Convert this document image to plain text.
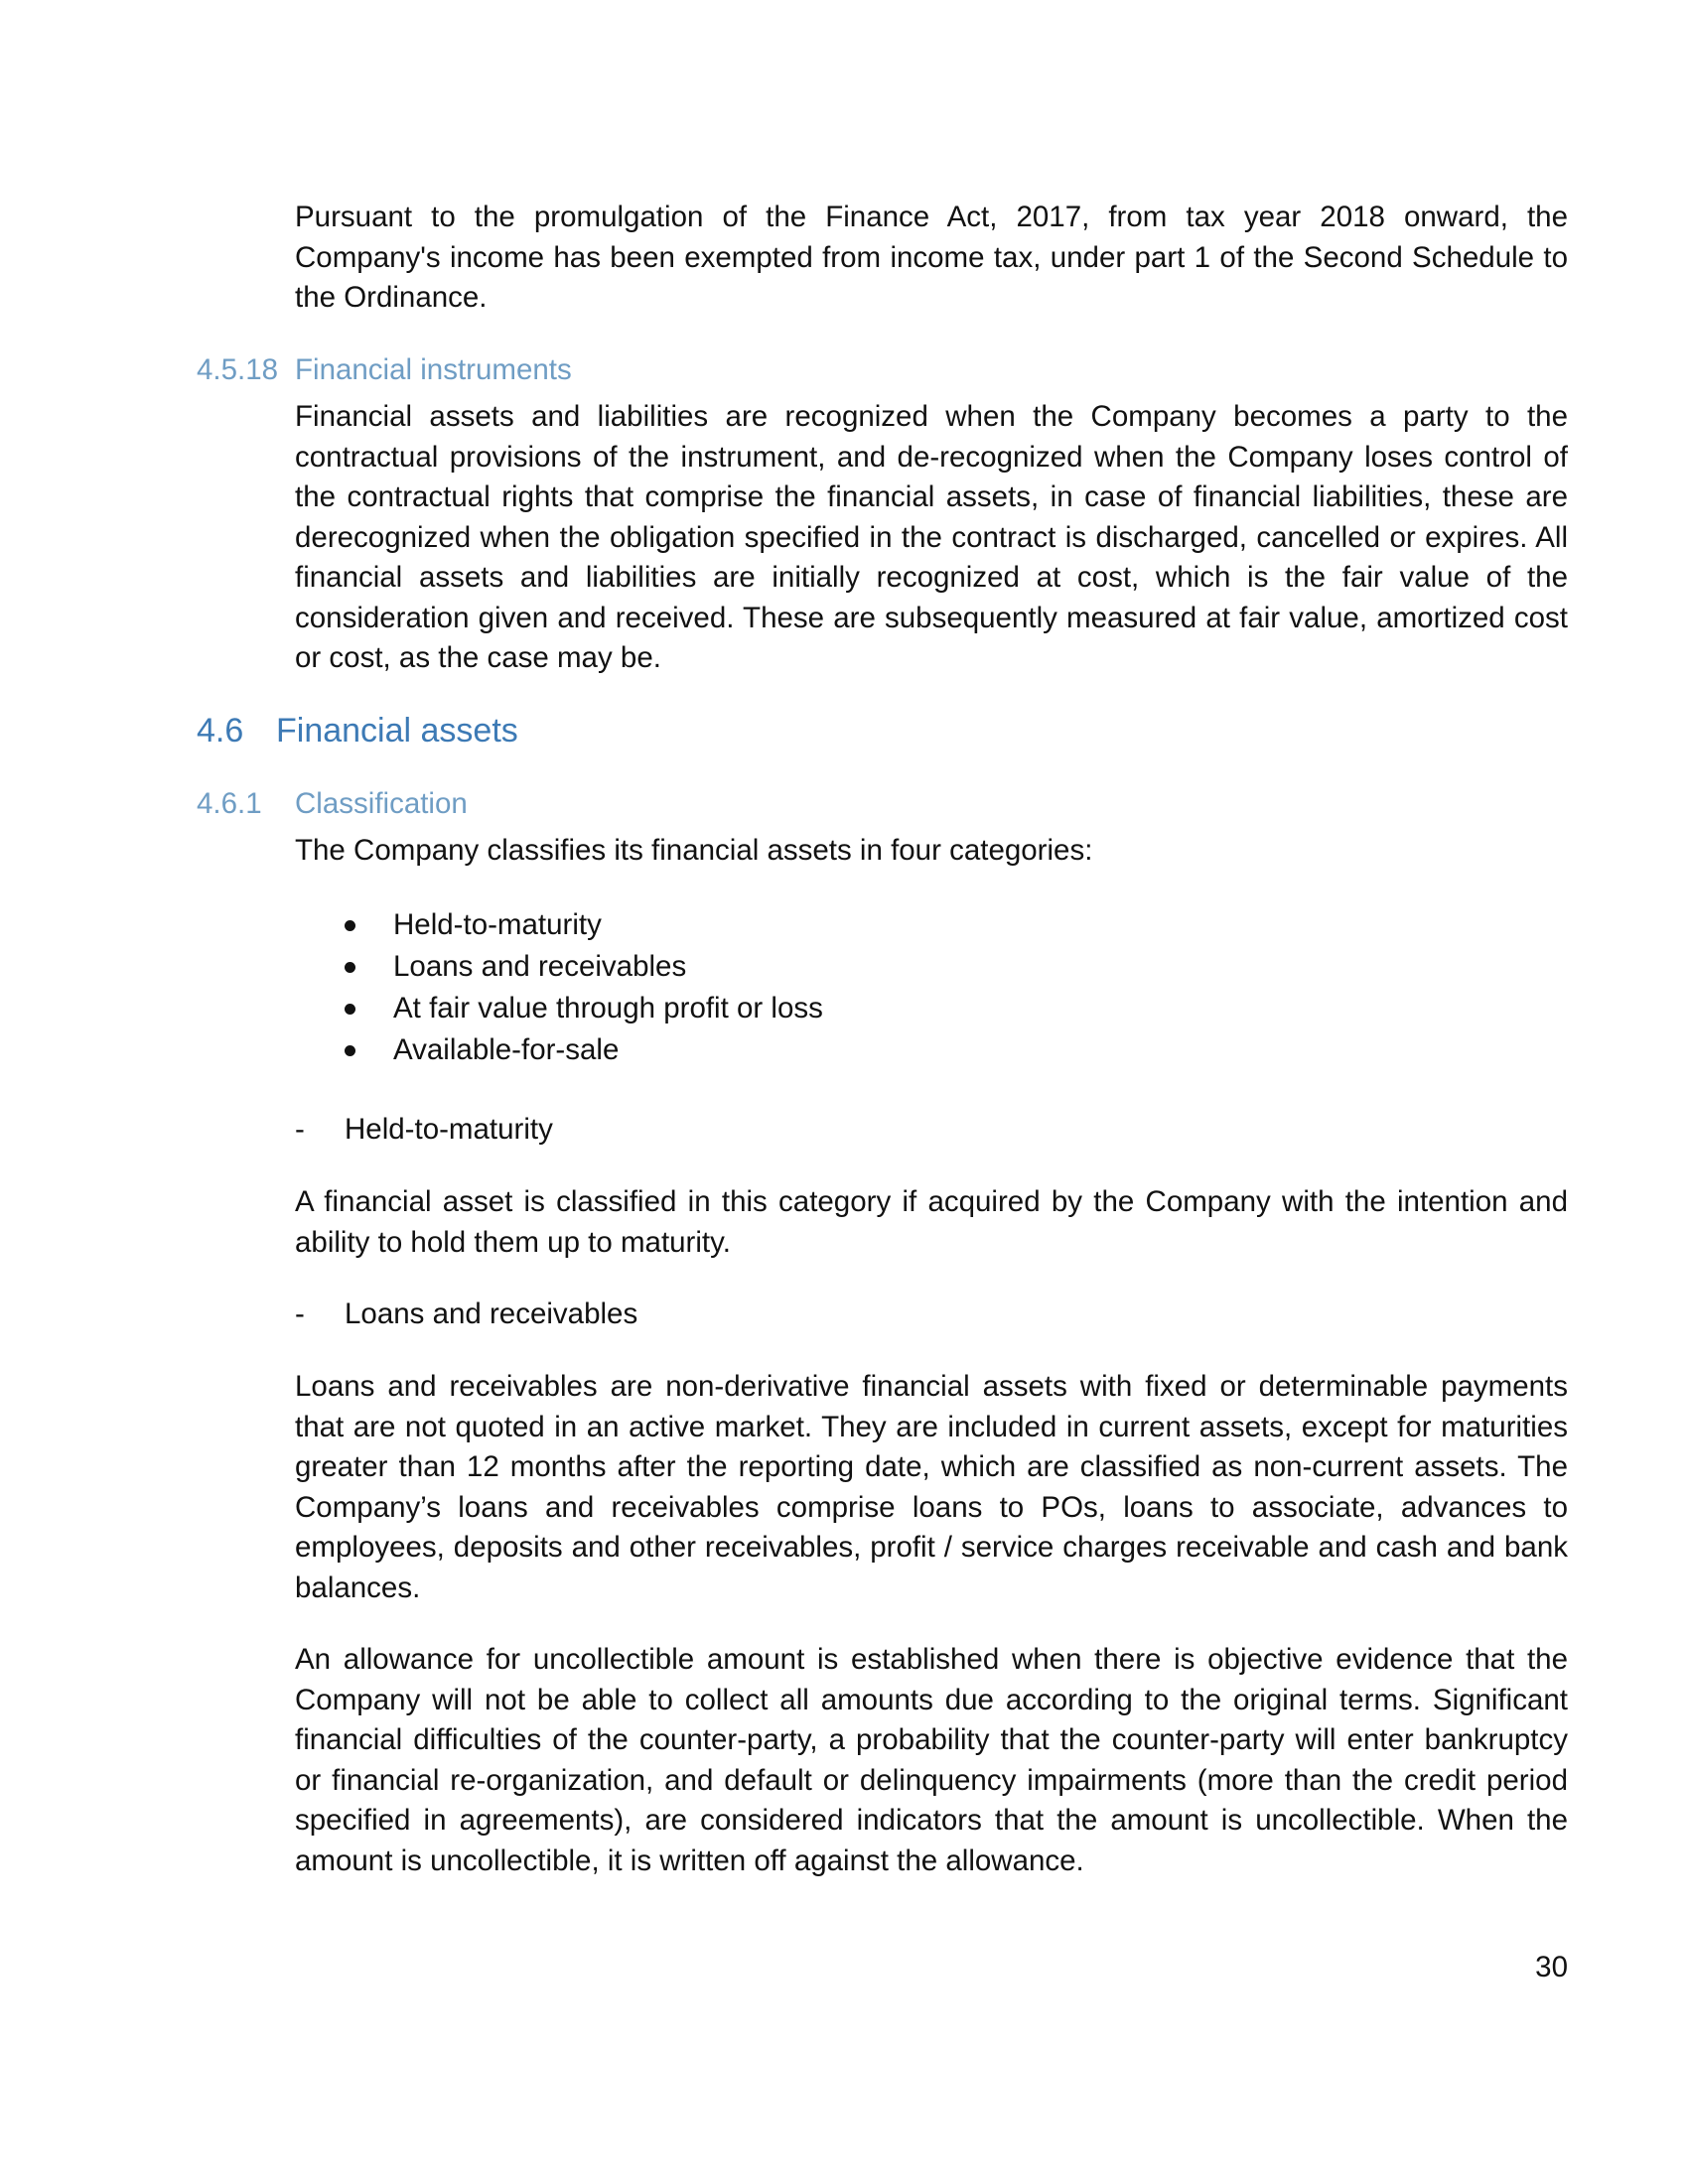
Pursuant to the promulgation of the Finance Act, 2017, from tax year 2018 onward, the Company's income has been exempted from income tax, under part 1 of the Second Schedule to the Ordinance.

4.5.18 Financial instruments

Financial assets and liabilities are recognized when the Company becomes a party to the contractual provisions of the instrument, and de-recognized when the Company loses control of the contractual rights that comprise the financial assets, in case of financial liabilities, these are derecognized when the obligation specified in the contract is discharged, cancelled or expires. All financial assets and liabilities are initially recognized at cost, which is the fair value of the consideration given and received. These are subsequently measured at fair value, amortized cost or cost, as the case may be.

4.6 Financial assets
4.6.1 Classification

The Company classifies its financial assets in four categories:

Held-to-maturity
Loans and receivables
At fair value through profit or loss
Available-for-sale
- Held-to-maturity

A financial asset is classified in this category if acquired by the Company with the intention and ability to hold them up to maturity.

- Loans and receivables

Loans and receivables are non-derivative financial assets with fixed or determinable payments that are not quoted in an active market. They are included in current assets, except for maturities greater than 12 months after the reporting date, which are classified as non-current assets. The Company’s loans and receivables comprise loans to POs, loans to associate, advances to employees, deposits and other receivables, profit / service charges receivable and cash and bank balances.

An allowance for uncollectible amount is established when there is objective evidence that the Company will not be able to collect all amounts due according to the original terms. Significant financial difficulties of the counter-party, a probability that the counter-party will enter bankruptcy or financial re-organization, and default or delinquency impairments (more than the credit period specified in agreements), are considered indicators that the amount is uncollectible. When the amount is uncollectible, it is written off against the allowance.

30
